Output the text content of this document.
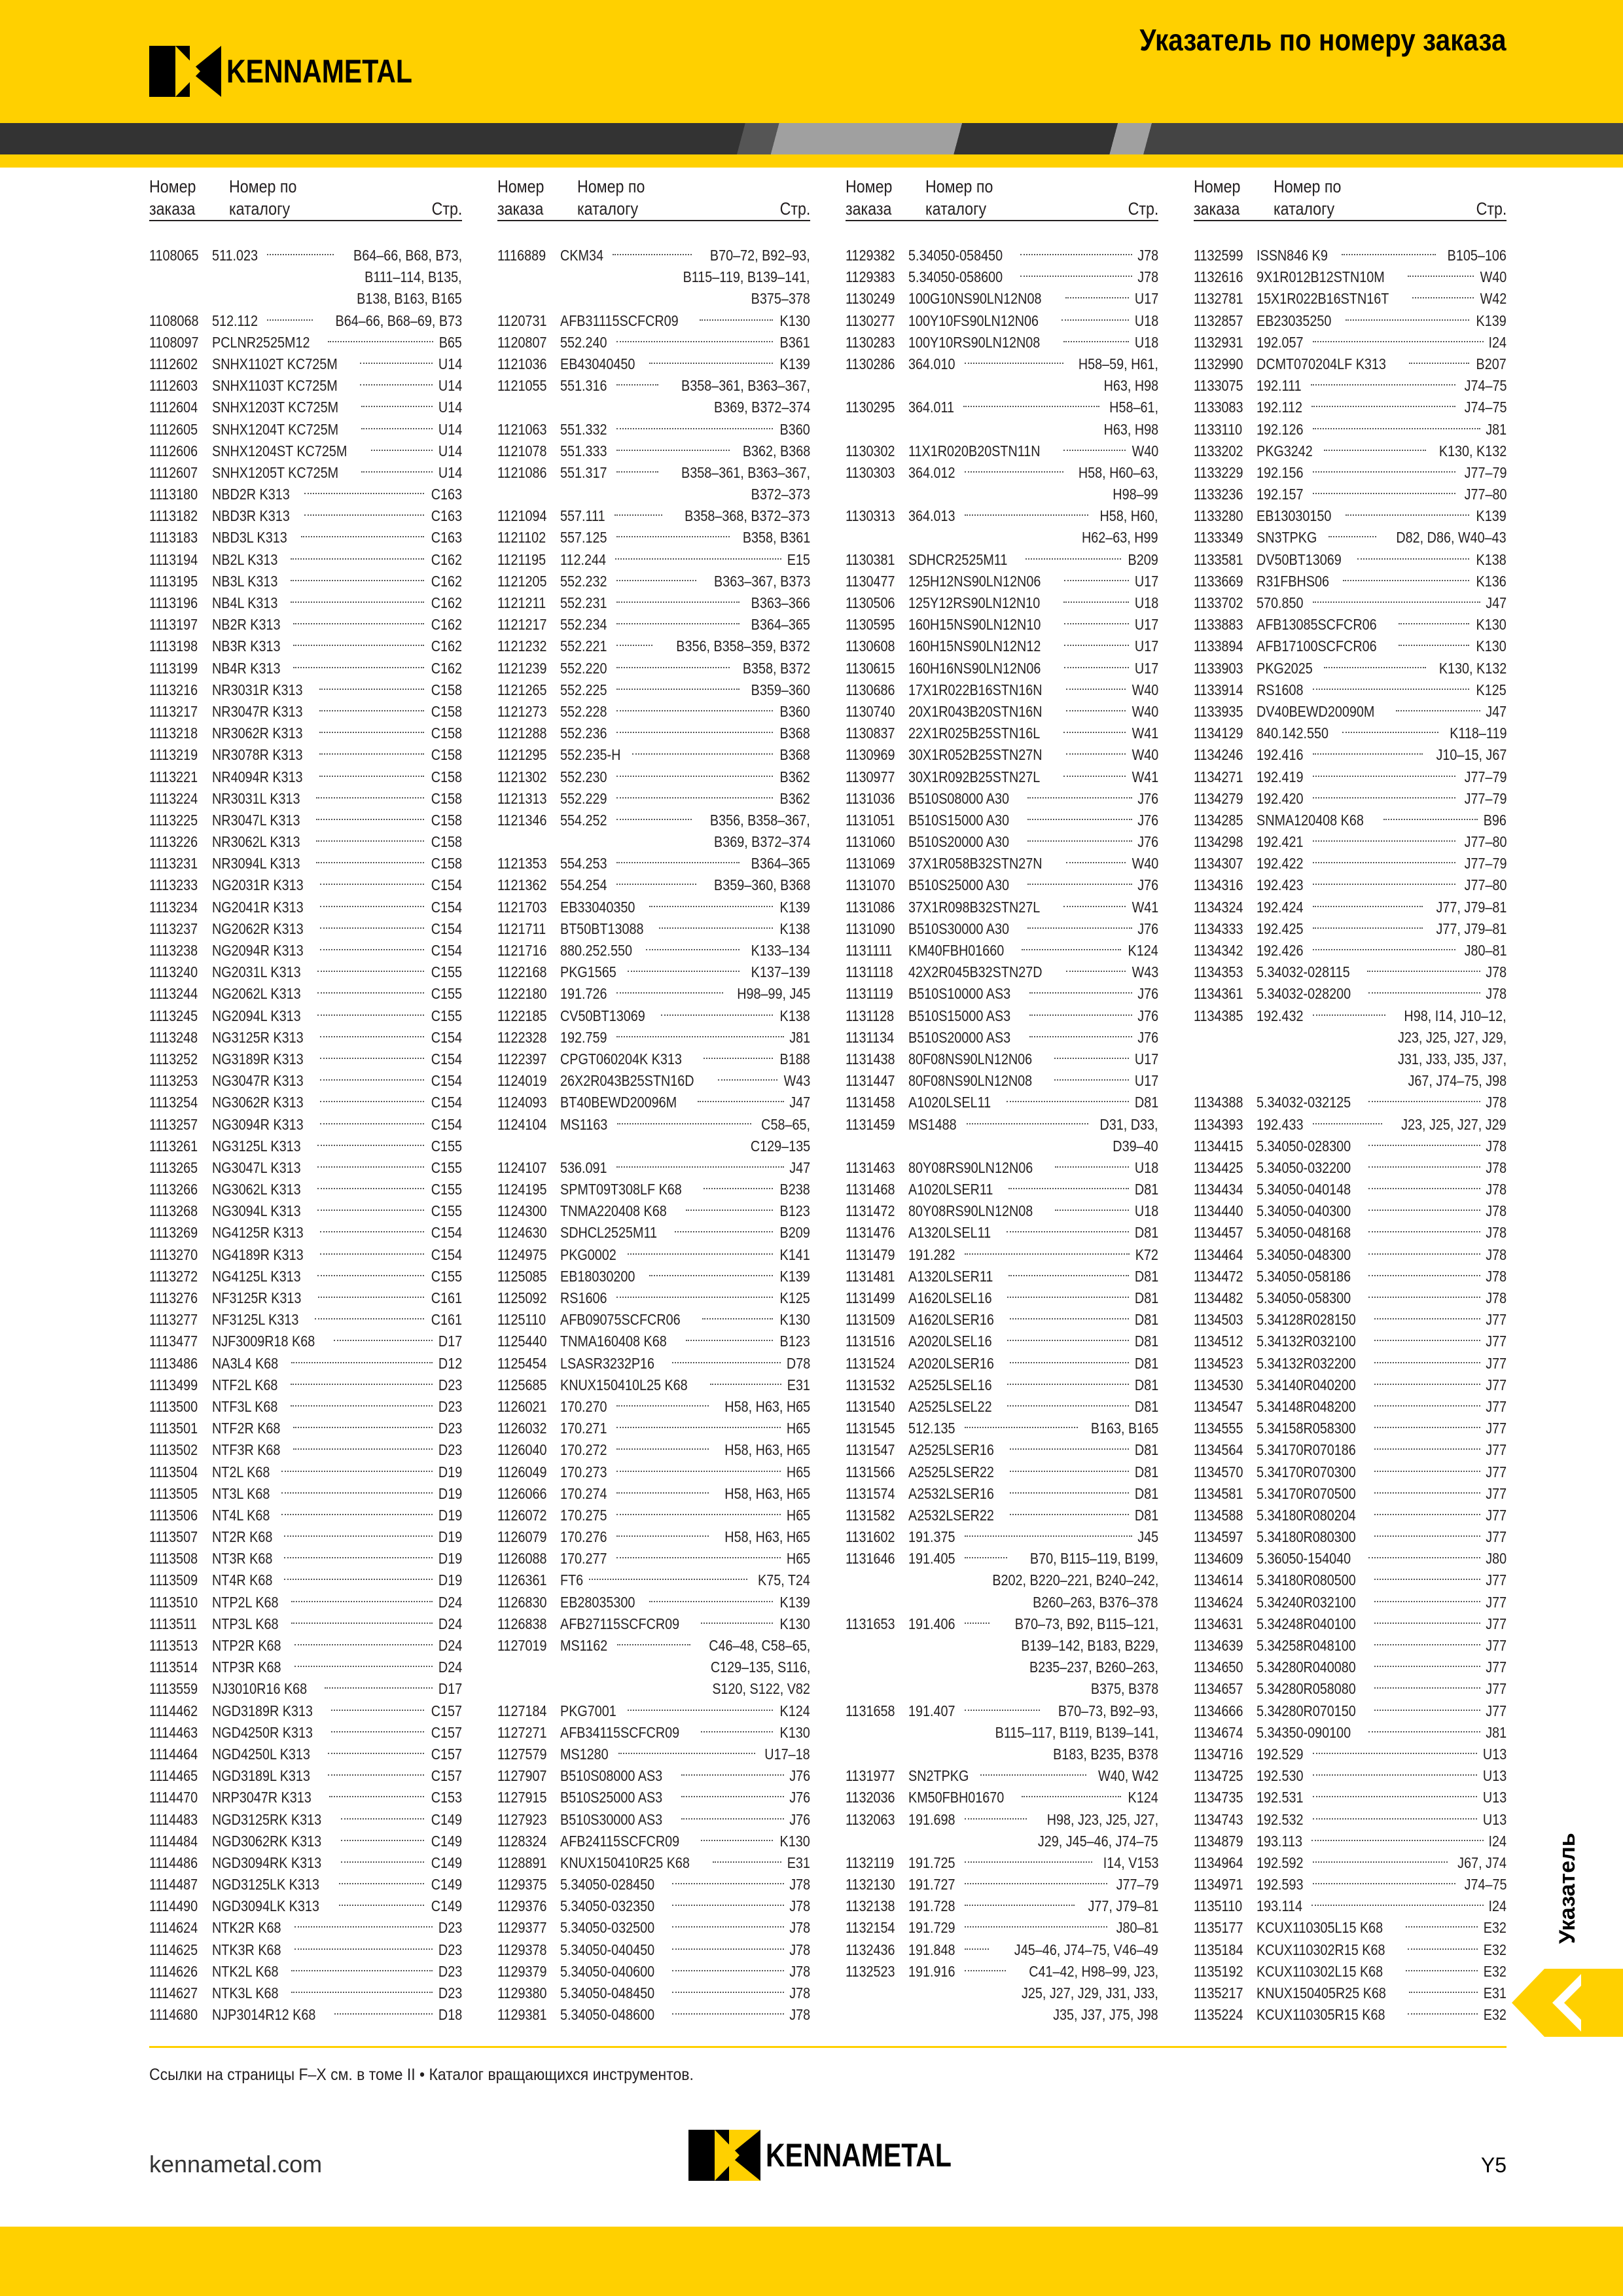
KENNAMETAL
Указатель по номеру заказа
Номер
заказа
Номер по
каталогу	Стр.
1108065 511.023	B64–66, B68, B73,
B111–114, B135,
B138, B163, B165
1108068 512.112	B64–66, B68–69, B73
1108097 PCLNR2525M12	B65
1112602 SNHX1102T KC725M	U14
1112603 SNHX1103T KC725M	U14
1112604 SNHX1203T KC725M	U14
1112605 SNHX1204T KC725M	U14
1112606 SNHX1204ST KC725M	U14
1112607 SNHX1205T KC725M	U14
1113180 NBD2R K313	C163
1113182 NBD3R K313	C163
1113183 NBD3L K313	C163
1113194 NB2L K313	C162
1113195 NB3L K313	C162
1113196 NB4L K313	C162
1113197 NB2R K313	C162
1113198 NB3R K313	C162
1113199 NB4R K313	C162
1113216 NR3031R K313	C158
1113217 NR3047R K313	C158
1113218 NR3062R K313	C158
1113219 NR3078R K313	C158
1113221 NR4094R K313	C158
1113224 NR3031L K313	C158
1113225 NR3047L K313	C158
1113226 NR3062L K313	C158
1113231 NR3094L K313	C158
1113233 NG2031R K313	C154
1113234 NG2041R K313	C154
1113237 NG2062R K313	C154
1113238 NG2094R K313	C154
1113240 NG2031L K313	C155
1113244 NG2062L K313	C155
1113245 NG2094L K313	C155
1113248 NG3125R K313	C154
1113252 NG3189R K313	C154
1113253 NG3047R K313	C154
1113254 NG3062R K313	C154
1113257 NG3094R K313	C154
1113261 NG3125L K313	C155
1113265 NG3047L K313	C155
1113266 NG3062L K313	C155
1113268 NG3094L K313	C155
1113269 NG4125R K313	C154
1113270 NG4189R K313	C154
1113272 NG4125L K313	C155
1113276 NF3125R K313	C161
1113277 NF3125L K313	C161
1113477 NJF3009R18 K68	D17
1113486 NA3L4 K68	D12
1113499 NTF2L K68	D23
1113500 NTF3L K68	D23
1113501 NTF2R K68	D23
1113502 NTF3R K68	D23
1113504 NT2L K68	D19
1113505 NT3L K68	D19
1113506 NT4L K68	D19
1113507 NT2R K68	D19
1113508 NT3R K68	D19
1113509 NT4R K68	D19
1113510 NTP2L K68	D24
1113511	NTP3L K68	D24
1113513 NTP2R K68	D24
1113514 NTP3R K68	D24
1113559 NJ3010R16 K68	D17
1114462 NGD3189R K313	C157
1114463 NGD4250R K313	C157
1114464 NGD4250L K313	C157
1114465 NGD3189L K313	C157
1114470 NRP3047R K313	C153
1114483 NGD3125RK K313	C149
1114484 NGD3062RK K313	C149
1114486 NGD3094RK K313	C149
1114487 NGD3125LK K313	C149
1114490 NGD3094LK K313	C149
1114624 NTK2R K68	D23
1114625 NTK3R K68	D23
1114626 NTK2L K68	D23
1114627 NTK3L K68	D23
1114680 NJP3014R12 K68	D18
Номер
заказа
Номер по
каталогу	Стр.
1116889 CKM34	B70–72, B92–93,
B115–119, B139–141,
B375–378
1120731 AFB31115SCFCR09	K130
1120807 552.240	B361
1121036 EB43040450	K139
1121055 551.316	B358–361, B363–367,
B369, B372–374
1121063 551.332	B360
1121078 551.333	B362, B368
1121086 551.317	B358–361, B363–367,
B372–373
1121094 557.111	B358–368, B372–373
1121102 557.125	B358, B361
1121195 112.244	E15
1121205 552.232	B363–367, B373
1121211 552.231	B363–366
1121217 552.234	B364–365
1121232 552.221	B356, B358–359, B372
1121239 552.220	B358, B372
1121265 552.225	B359–360
1121273 552.228	B360
1121288 552.236	B368
1121295 552.235-H	B368
1121302 552.230	B362
1121313 552.229	B362
1121346 554.252	B356, B358–367,
B369, B372–374
1121353 554.253	B364–365
1121362 554.254	B359–360, B368
1121703 EB33040350	K139
1121711 BT50BT13088	K138
1121716 880.252.550	K133–134
1122168 PKG1565	K137–139
1122180 191.726	H98–99, J45
1122185 CV50BT13069	K138
1122328 192.759	J81
1122397 CPGT060204K K313	B188
1124019 26X2R043B25STN16D	W43
1124093 BT40BEWD20096M	J47
1124104 MS1163	C58–65,
C129–135
1124107 536.091	J47
1124195 SPMT09T308LF K68	B238
1124300 TNMA220408 K68	B123
1124630 SDHCL2525M11	B209
1124975 PKG0002	K141
1125085 EB18030200	K139
1125092 RS1606	K125
1125110 AFB09075SCFCR06	K130
1125440 TNMA160408 K68	B123
1125454 LSASR3232P16	D78
1125685 KNUX150410L25 K68	E31
1126021 170.270	H58, H63, H65
1126032 170.271	H65
1126040 170.272	H58, H63, H65
1126049 170.273	H65
1126066 170.274	H58, H63, H65
1126072 170.275	H65
1126079 170.276	H58, H63, H65
1126088 170.277	H65
1126361 FT6	K75, T24
1126830 EB28035300	K139
1126838 AFB27115SCFCR09	K130
1127019 MS1162	C46–48, C58–65,
C129–135, S116,
S120, S122, V82
1127184 PKG7001	K124
1127271 AFB34115SCFCR09	K130
1127579 MS1280	U17–18
1127907 B510S08000 AS3	J76
1127915 B510S25000 AS3	J76
1127923 B510S30000 AS3	J76
1128324 AFB24115SCFCR09	K130
1128891 KNUX150410R25 K68	E31
1129375 5.34050-028450	J78
1129376 5.34050-032350	J78
1129377 5.34050-032500	J78
1129378 5.34050-040450	J78
1129379 5.34050-040600	J78
1129380 5.34050-048450	J78
1129381 5.34050-048600	J78
Номер
заказа
Номер по
каталогу	Стр.
1129382 5.34050-058450	J78
1129383 5.34050-058600	J78
1130249 100G10NS90LN12N08	U17
1130277 100Y10FS90LN12N06	U18
1130283 100Y10RS90LN12N08	U18
1130286 364.010	H58–59, H61,
H63, H98
1130295 364.011	H58–61,
H63, H98
1130302 11X1R020B20STN11N	W40
1130303 364.012	H58, H60–63,
H98–99
1130313 364.013	H58, H60,
H62–63, H99
1130381 SDHCR2525M11	B209
1130477 125H12NS90LN12N06	U17
1130506 125Y12RS90LN12N10	U18
1130595 160H15NS90LN12N10	U17
1130608 160H15NS90LN12N12	U17
1130615 160H16NS90LN12N06	U17
1130686 17X1R022B16STN16N	W40
1130740 20X1R043B20STN16N	W40
1130837 22X1R025B25STN16L	W41
1130969 30X1R052B25STN27N	W40
1130977 30X1R092B25STN27L	W41
1131036 B510S08000 A30	J76
1131051 B510S15000 A30	J76
1131060 B510S20000 A30	J76
1131069 37X1R058B32STN27N	W40
1131070 B510S25000 A30	J76
1131086 37X1R098B32STN27L	W41
1131090 B510S30000 A30	J76
1131111	KM40FBH01660	K124
1131118	42X2R045B32STN27D	W43
1131119	B510S10000 AS3	J76
1131128 B510S15000 AS3	J76
1131134 B510S20000 AS3	J76
1131438 80F08NS90LN12N06	U17
1131447 80F08NS90LN12N08	U17
1131458 A1020LSEL11	D81
1131459 MS1488	D31, D33,
D39–40
1131463 80Y08RS90LN12N06	U18
1131468 A1020LSER11	D81
1131472 80Y08RS90LN12N08	U18
1131476 A1320LSEL11	D81
1131479 191.282	K72
1131481 A1320LSER11	D81
1131499 A1620LSEL16	D81
1131509 A1620LSER16	D81
1131516 A2020LSEL16	D81
1131524 A2020LSER16	D81
1131532 A2525LSEL16	D81
1131540 A2525LSEL22	D81
1131545 512.135	B163, B165
1131547 A2525LSER16	D81
1131566 A2525LSER22	D81
1131574 A2532LSER16	D81
1131582 A2532LSER22	D81
1131602 191.375	J45
1131646 191.405	B70, B115–119, B199,
B202, B220–221, B240–242,
B260–263, B376–378
1131653 191.406	B70–73, B92, B115–121,
B139–142, B183, B229,
B235–237, B260–263,
B375, B378
1131658 191.407	B70–73, B92–93,
B115–117, B119, B139–141,
B183, B235, B378
1131977 SN2TPKG	W40, W42
1132036 KM50FBH01670	K124
1132063 191.698	H98, J23, J25, J27,
J29, J45–46, J74–75
1132119 191.725	I14, V153
1132130 191.727	J77–79
1132138 191.728	J77, J79–81
1132154 191.729	J80–81
1132436 191.848	J45–46, J74–75, V46–49
1132523 191.916	C41–42, H98–99, J23,
J25, J27, J29, J31, J33,
J35, J37, J75, J98
Номер
заказа
Номер по
каталогу	Стр.
1132599 ISSN846 K9	B105–106
1132616 9X1R012B12STN10M	W40
1132781 15X1R022B16STN16T	W42
1132857 EB23035250	K139
1132931 192.057	I24
1132990 DCMT070204LF K313	B207
1133075 192.111	J74–75
1133083 192.112	J74–75
1133110 192.126	J81
1133202 PKG3242	K130, K132
1133229 192.156	J77–79
1133236 192.157	J77–80
1133280 EB13030150	K139
1133349 SN3TPKG	D82, D86, W40–43
1133581 DV50BT13069	K138
1133669 R31FBHS06	K136
1133702 570.850	J47
1133883 AFB13085SCFCR06	K130
1133894 AFB17100SCFCR06	K130
1133903 PKG2025	K130, K132
1133914 RS1608	K125
1133935 DV40BEWD20090M	J47
1134129 840.142.550	K118–119
1134246 192.416	J10–15, J67
1134271 192.419	J77–79
1134279 192.420	J77–79
1134285 SNMA120408 K68	B96
1134298 192.421	J77–80
1134307 192.422	J77–79
1134316 192.423	J77–80
1134324 192.424	J77, J79–81
1134333 192.425	J77, J79–81
1134342 192.426	J80–81
1134353 5.34032-028115	J78
1134361 5.34032-028200	J78
1134385 192.432	H98, I14, J10–12,
J23, J25, J27, J29,
J31, J33, J35, J37,
J67, J74–75, J98
1134388 5.34032-032125	J78
1134393 192.433	J23, J25, J27, J29
1134415 5.34050-028300	J78
1134425 5.34050-032200	J78
1134434 5.34050-040148	J78
1134440 5.34050-040300	J78
1134457 5.34050-048168	J78
1134464 5.34050-048300	J78
1134472 5.34050-058186	J78
1134482 5.34050-058300	J78
1134503 5.34128R028150	J77
1134512 5.34132R032100	J77
1134523 5.34132R032200	J77
1134530 5.34140R040200	J77
1134547 5.34148R048200	J77
1134555 5.34158R058300	J77
1134564 5.34170R070186	J77
1134570 5.34170R070300	J77
1134581 5.34170R070500	J77
1134588 5.34180R080204	J77
1134597 5.34180R080300	J77
1134609 5.36050-154040	J80
1134614 5.34180R080500	J77
1134624 5.34240R032100	J77
1134631 5.34248R040100	J77
1134639 5.34258R048100	J77
1134650 5.34280R040080	J77
1134657 5.34280R058080	J77
1134666 5.34280R070150	J77
1134674 5.34350-090100	J81
1134716 192.529	U13
1134725 192.530	U13
1134735 192.531	U13
1134743 192.532	U13
1134879 193.113	I24
1134964 192.592	J67, J74
1134971 192.593	J74–75
1135110 193.114	I24
1135177 KCUX110305L15 K68	E32
1135184 KCUX110302R15 K68	E32
1135192 KCUX110302L15 K68	E32
1135217 KNUX150405R25 K68	E31
1135224 KCUX110305R15 K68	E32
Ссылки на страницы F–X см. в томе II • Каталог вращающихся инструментов.
kennametal.com	KENNAMETAL	Y5
Указатель
